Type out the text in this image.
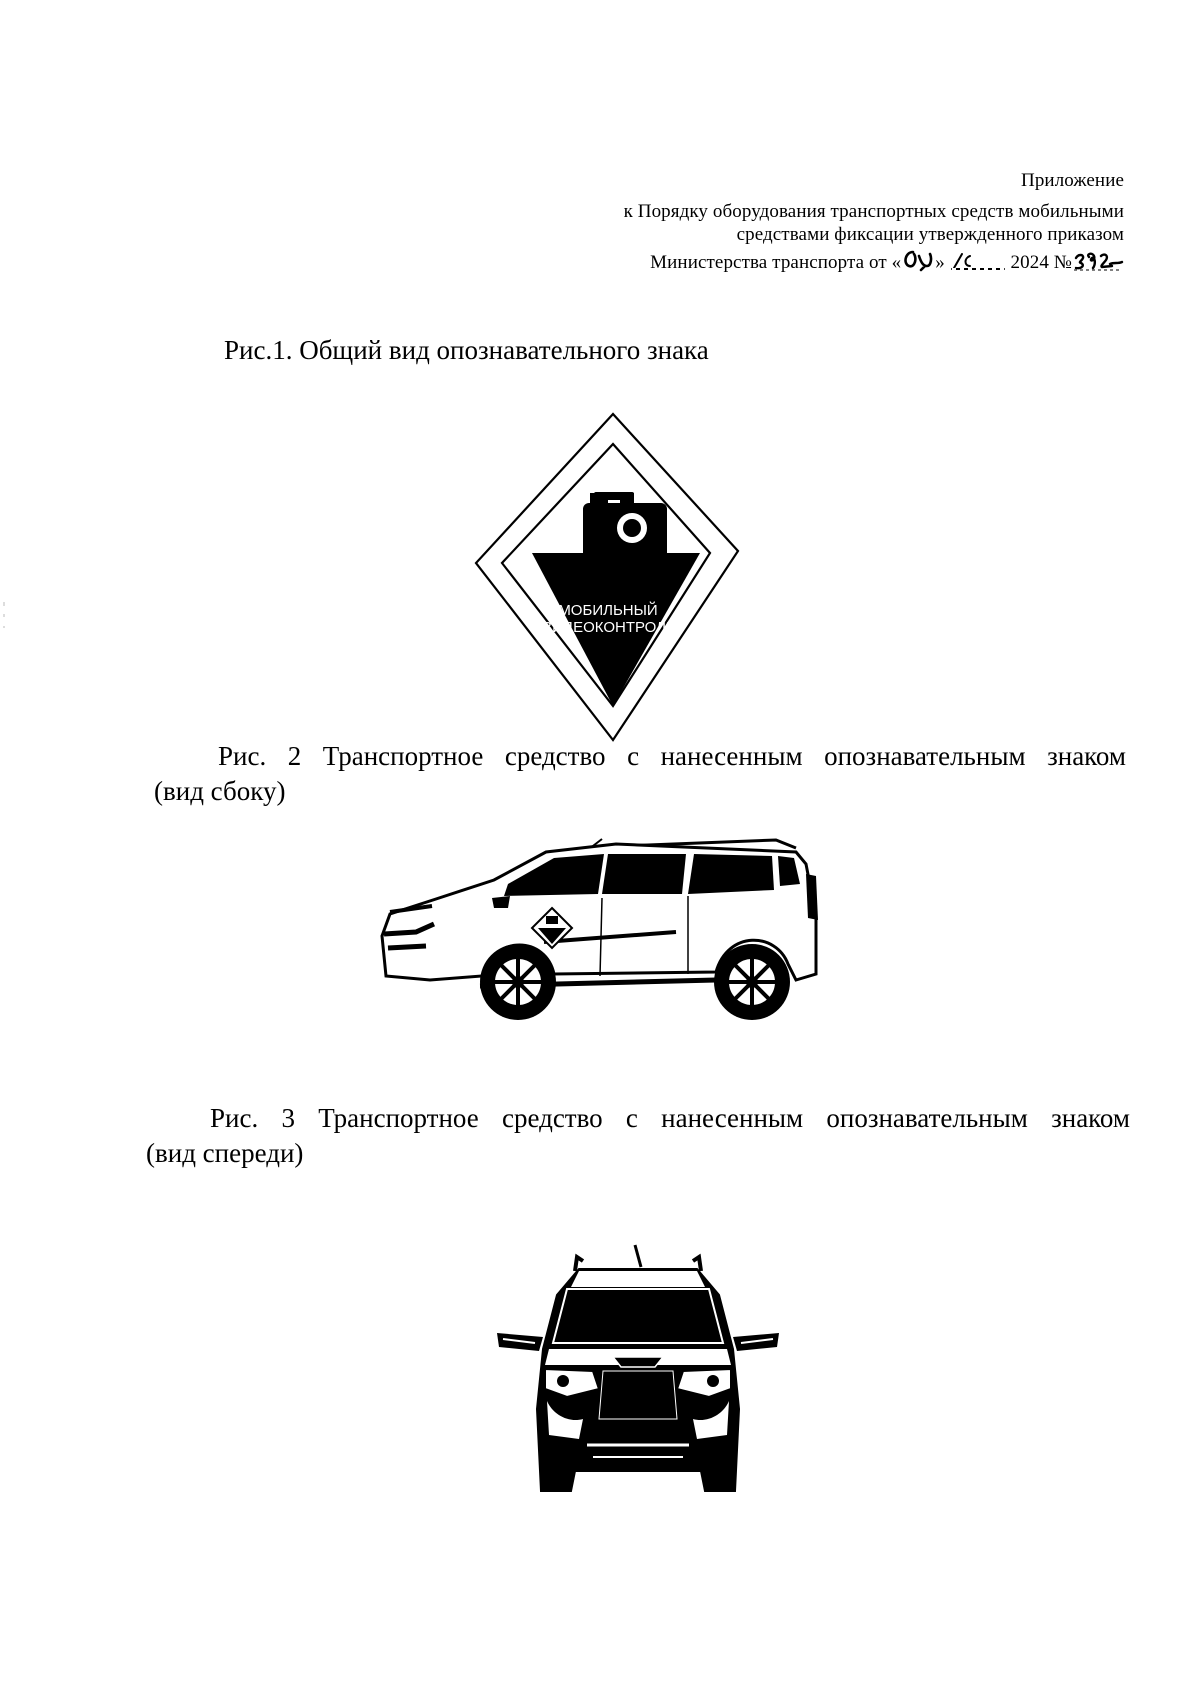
Приложение
к Порядку оборудования транспортных средств мобильными
средствами фиксации утвержденного приказом
Министерства транспорта от « »	2024 №
Рис.1. Общий вид опознавательного знака
МОБИЛЬНЫЙ
ВИДЕОКОНТРОЛЬ
Рис. 2 Транспортное средство с нанесенным опознавательным знаком
(вид сбоку)
Рис. 3 Транспортное средство с нанесенным опознавательным знаком
(вид спереди)
